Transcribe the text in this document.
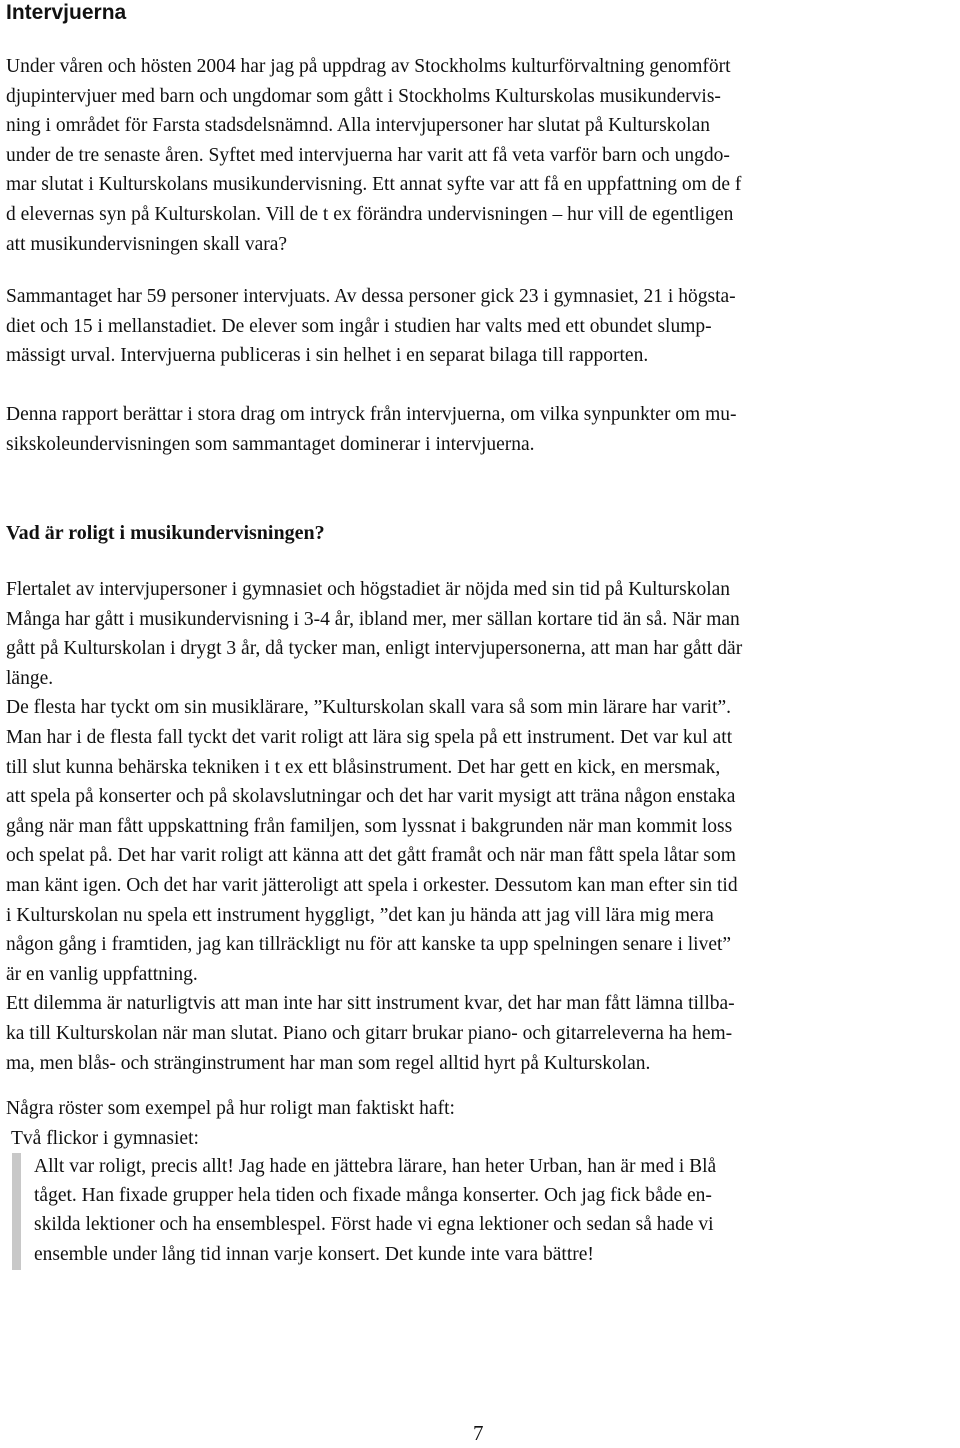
Intervjuerna

Under våren och hösten 2004 har jag på uppdrag av Stockholms kulturförvaltning genomfört
djupintervjuer med barn och ungdomar som gått i Stockholms Kulturskolas musikundervis-
ning i området för Farsta stadsdelsnämnd. Alla intervjupersoner har slutat på Kulturskolan
under de tre senaste åren. Syftet med intervjuerna har varit att få veta varför barn och ungdo-
mar slutat i Kulturskolans musikundervisning. Ett annat syfte var att få en uppfattning om de f
d elevernas syn på Kulturskolan. Vill de t ex förändra undervisningen – hur vill de egentligen
att musikundervisningen skall vara?

Sammantaget har 59 personer intervjuats. Av dessa personer gick 23 i gymnasiet, 21 i högsta-
diet och 15 i mellanstadiet. De elever som ingår i studien har valts med ett obundet slump-
mässigt urval. Intervjuerna publiceras i sin helhet i en separat bilaga till rapporten.

Denna rapport berättar i stora drag om intryck från intervjuerna, om vilka synpunkter om mu-
sikskoleundervisningen som sammantaget dominerar i intervjuerna.

Vad är roligt i musikundervisningen?

Flertalet av intervjupersoner i gymnasiet och högstadiet är nöjda med sin tid på Kulturskolan
Många har gått i musikundervisning i 3-4 år, ibland mer, mer sällan kortare tid än så. När man
gått på Kulturskolan i drygt 3 år, då tycker man, enligt intervjupersonerna, att man har gått där
länge.
De flesta har tyckt om sin musiklärare, ”Kulturskolan skall vara så som min lärare har varit”.
Man har i de flesta fall tyckt det varit roligt att lära sig spela på ett instrument. Det var kul att
till slut kunna behärska tekniken i t ex ett blåsinstrument. Det har gett en kick, en mersmak,
att spela på konserter och på skolavslutningar och det har varit mysigt att träna någon enstaka
gång när man fått uppskattning från familjen, som lyssnat i bakgrunden när man kommit loss
och spelat på. Det har varit roligt att känna att det gått framåt och när man fått spela låtar som
man känt igen. Och det har varit jätteroligt att spela i orkester. Dessutom kan man efter sin tid
i Kulturskolan nu spela ett instrument hyggligt, ”det kan ju hända att jag vill lära mig mera
någon gång i framtiden, jag kan tillräckligt nu för att kanske ta upp spelningen senare i livet”
är en vanlig uppfattning.
Ett dilemma är naturligtvis att man inte har sitt instrument kvar, det har man fått lämna tillba-
ka till Kulturskolan när man slutat. Piano och gitarr brukar piano- och gitarreleverna ha hem-
ma, men blås- och stränginstrument har man som regel alltid hyrt på Kulturskolan.

Några röster som exempel på hur roligt man faktiskt haft:
Två flickor i gymnasiet:

Allt var roligt, precis allt! Jag hade en jättebra lärare, han heter Urban, han är med i Blå
tåget. Han fixade grupper hela tiden och fixade många konserter. Och jag fick både en-
skilda lektioner och ha ensemblespel. Först hade vi egna lektioner och sedan så hade vi
ensemble under lång tid innan varje konsert. Det kunde inte vara bättre!
7
